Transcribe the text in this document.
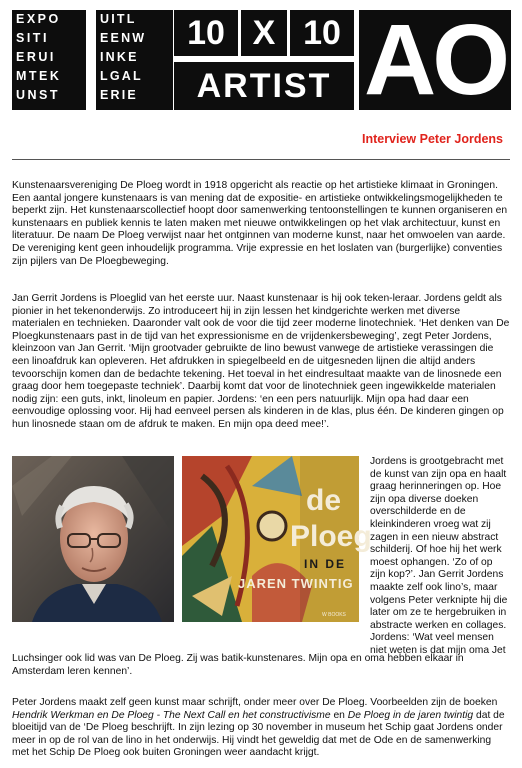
EXPO
SITI
ERUI
MTEK
UNST
UITL
EENW
INKE
LGAL
ERIE
10 X 10
ARTIST AO
Interview Peter Jordens

Kunstenaarsvereniging De Ploeg wordt in 1918 opgericht als reactie op het artistieke klimaat in Groningen. Een aantal jongere kunstenaars is van mening dat de expositie- en artistieke ontwikkelingsmogelijkheden te beperkt zijn. Het kunstenaarscollectief hoopt door samenwerking tentoonstellingen te kunnen organiseren en kunstenaars en publiek kennis te laten maken met nieuwe ontwikkelingen op het vlak architectuur, kunst en literatuur. De naam De Ploeg verwijst naar het ontginnen van moderne kunst, naar het omwoelen van aarde. De vereniging kent geen inhoudelijk programma. Vrije expressie en het loslaten van (burgerlijke) conventies zijn pijlers van De Ploegbeweging.

Jan Gerrit Jordens is Ploeglid van het eerste uur. Naast kunstenaar is hij ook teken-leraar. Jordens geldt als pionier in het tekenonderwijs. Zo introduceert hij in zijn lessen het kindgerichte werken met diverse materialen en technieken. Daaronder valt ook de voor die tijd zeer moderne linotechniek. ‘Het denken van De Ploegkunstenaars past in de tijd van het expressionisme en de vrijdenkersbeweging’, zegt Peter Jordens, kleinzoon van Jan Gerrit. ‘Mijn grootvader gebruikte de lino bewust vanwege de artistieke verassingen die een linoafdruk kan opleveren. Het afdrukken in spiegelbeeld en de uitgesneden lijnen die altijd anders tevoorschijn komen dan de bedachte tekening. Het toeval in het eindresultaat maakte van de linosnede een graag door hem toegepaste techniek’. Daarbij komt dat voor de linotechniek geen ingewikkelde materialen nodig zijn: een guts, inkt, linoleum en papier. Jordens: ‘en een pers natuurlijk. Mijn opa had daar een eenvoudige oplossing voor. Hij had eenveel persen als kinderen in de klas, plus één. De kinderen gingen op hun linosnede staan om de afdruk te maken. En mijn opa deed mee!’.

de
Ploeg
IN DE
JAREN TWINTIG
W BOOKS

Jordens is grootgebracht met de kunst van zijn opa en haalt graag herinneringen op. Hoe zijn opa diverse doeken overschilderde en de kleinkinderen vroeg wat zij zagen in een nieuw abstract schilderij. Of hoe hij het werk moest ophangen. ‘Zo of op zijn kop?’. Jan Gerrit Jordens maakte zelf ook lino’s, maar volgens Peter verknipte hij die later om ze te hergebruiken in abstracte werken en collages. Jordens: ‘Wat veel mensen niet weten is dat mijn oma Jet

Luchsinger ook lid was van De Ploeg. Zij was batik-kunstenares. Mijn opa en oma hebben elkaar in Amsterdam leren kennen’.

Peter Jordens maakt zelf geen kunst maar schrijft, onder meer over De Ploeg. Voorbeelden zijn de boeken Hendrik Werkman en De Ploeg - The Next Call en het constructivisme en De Ploeg in de jaren twintig dat de bloeitijd van de ‘De Ploeg beschrijft. In zijn lezing op 30 november in museum het Schip gaat Jordens onder meer in op de rol van de lino in het onderwijs. Hij vindt het geweldig dat met de Ode en de samenwerking met het Schip De Ploeg ook buiten Groningen weer aandacht krijgt.
